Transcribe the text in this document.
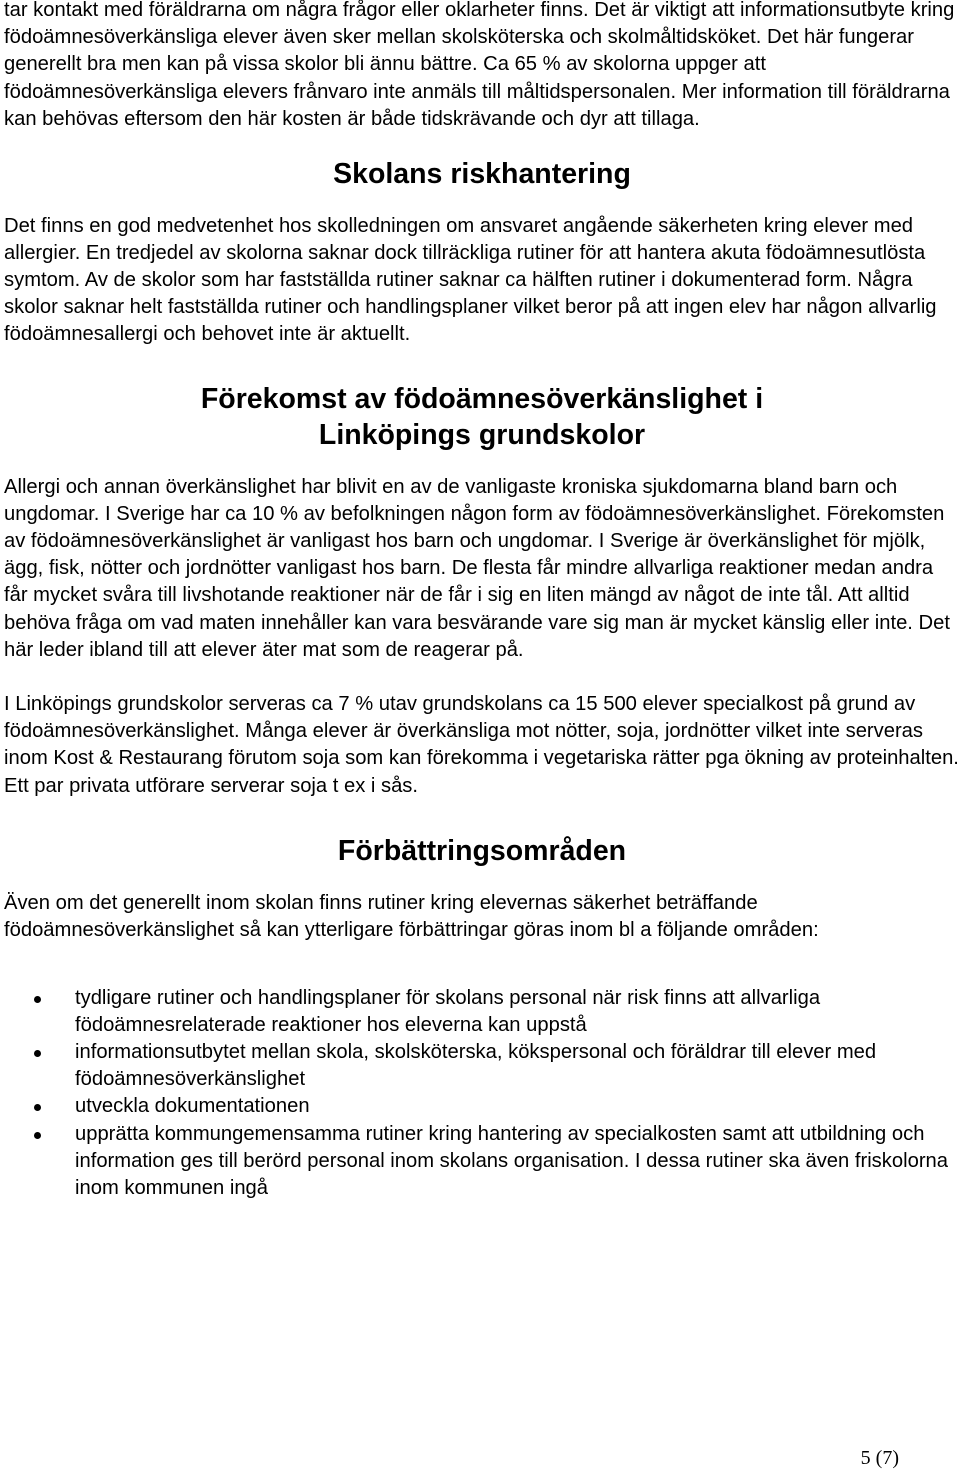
tar kontakt med föräldrarna om några frågor eller oklarheter finns. Det är viktigt att informationsutbyte kring födoämnesöverkänsliga elever även sker mellan skolsköterska och skolmåltidsköket. Det här fungerar generellt bra men kan på vissa skolor bli ännu bättre. Ca 65 % av skolorna uppger att födoämnesöverkänsliga elevers frånvaro inte anmäls till måltidspersonalen. Mer information till föräldrarna kan behövas eftersom den här kosten är både tidskrävande och dyr att tillaga.

Skolans riskhantering

Det finns en god medvetenhet hos skolledningen om ansvaret angående säkerheten kring elever med allergier. En tredjedel av skolorna saknar dock tillräckliga rutiner för att hantera akuta födoämnesutlösta symtom. Av de skolor som har fastställda rutiner saknar ca hälften rutiner i dokumenterad form. Några skolor saknar helt fastställda rutiner och handlingsplaner vilket beror på att ingen elev har någon allvarlig födoämnesallergi och behovet inte är aktuellt.

Förekomst av födoämnesöverkänslighet i
Linköpings grundskolor

Allergi och annan överkänslighet har blivit en av de vanligaste kroniska sjukdomarna bland barn och ungdomar. I Sverige har ca 10 % av befolkningen någon form av födoämnesöverkänslighet. Förekomsten av födoämnesöverkänslighet är vanligast hos barn och ungdomar. I Sverige är överkänslighet för mjölk, ägg, fisk, nötter och jordnötter vanligast hos barn. De flesta får mindre allvarliga reaktioner medan andra får mycket svåra till livshotande reaktioner när de får i sig en liten mängd av något de inte tål. Att alltid behöva fråga om vad maten innehåller kan vara besvärande vare sig man är mycket känslig eller inte. Det här leder ibland till att elever äter mat som de reagerar på.

I Linköpings grundskolor serveras ca 7 % utav grundskolans ca 15 500 elever specialkost på grund av födoämnesöverkänslighet. Många elever är överkänsliga mot nötter, soja, jordnötter vilket inte serveras inom Kost & Restaurang förutom soja som kan förekomma i vegetariska rätter pga ökning av proteinhalten. Ett par privata utförare serverar soja t ex i sås.

Förbättringsområden

Även om det generellt inom skolan finns rutiner kring elevernas säkerhet beträffande födoämnesöverkänslighet så kan ytterligare förbättringar göras inom bl a följande områden:

tydligare rutiner och handlingsplaner för skolans personal när risk finns att allvarliga födoämnesrelaterade reaktioner hos eleverna kan uppstå
informationsutbytet mellan skola, skolsköterska, kökspersonal och föräldrar till elever med födoämnesöverkänslighet
utveckla dokumentationen
upprätta kommungemensamma rutiner kring hantering av specialkosten samt att utbildning och information ges till berörd personal inom skolans organisation. I dessa rutiner ska även friskolorna inom kommunen ingå
5 (7)
